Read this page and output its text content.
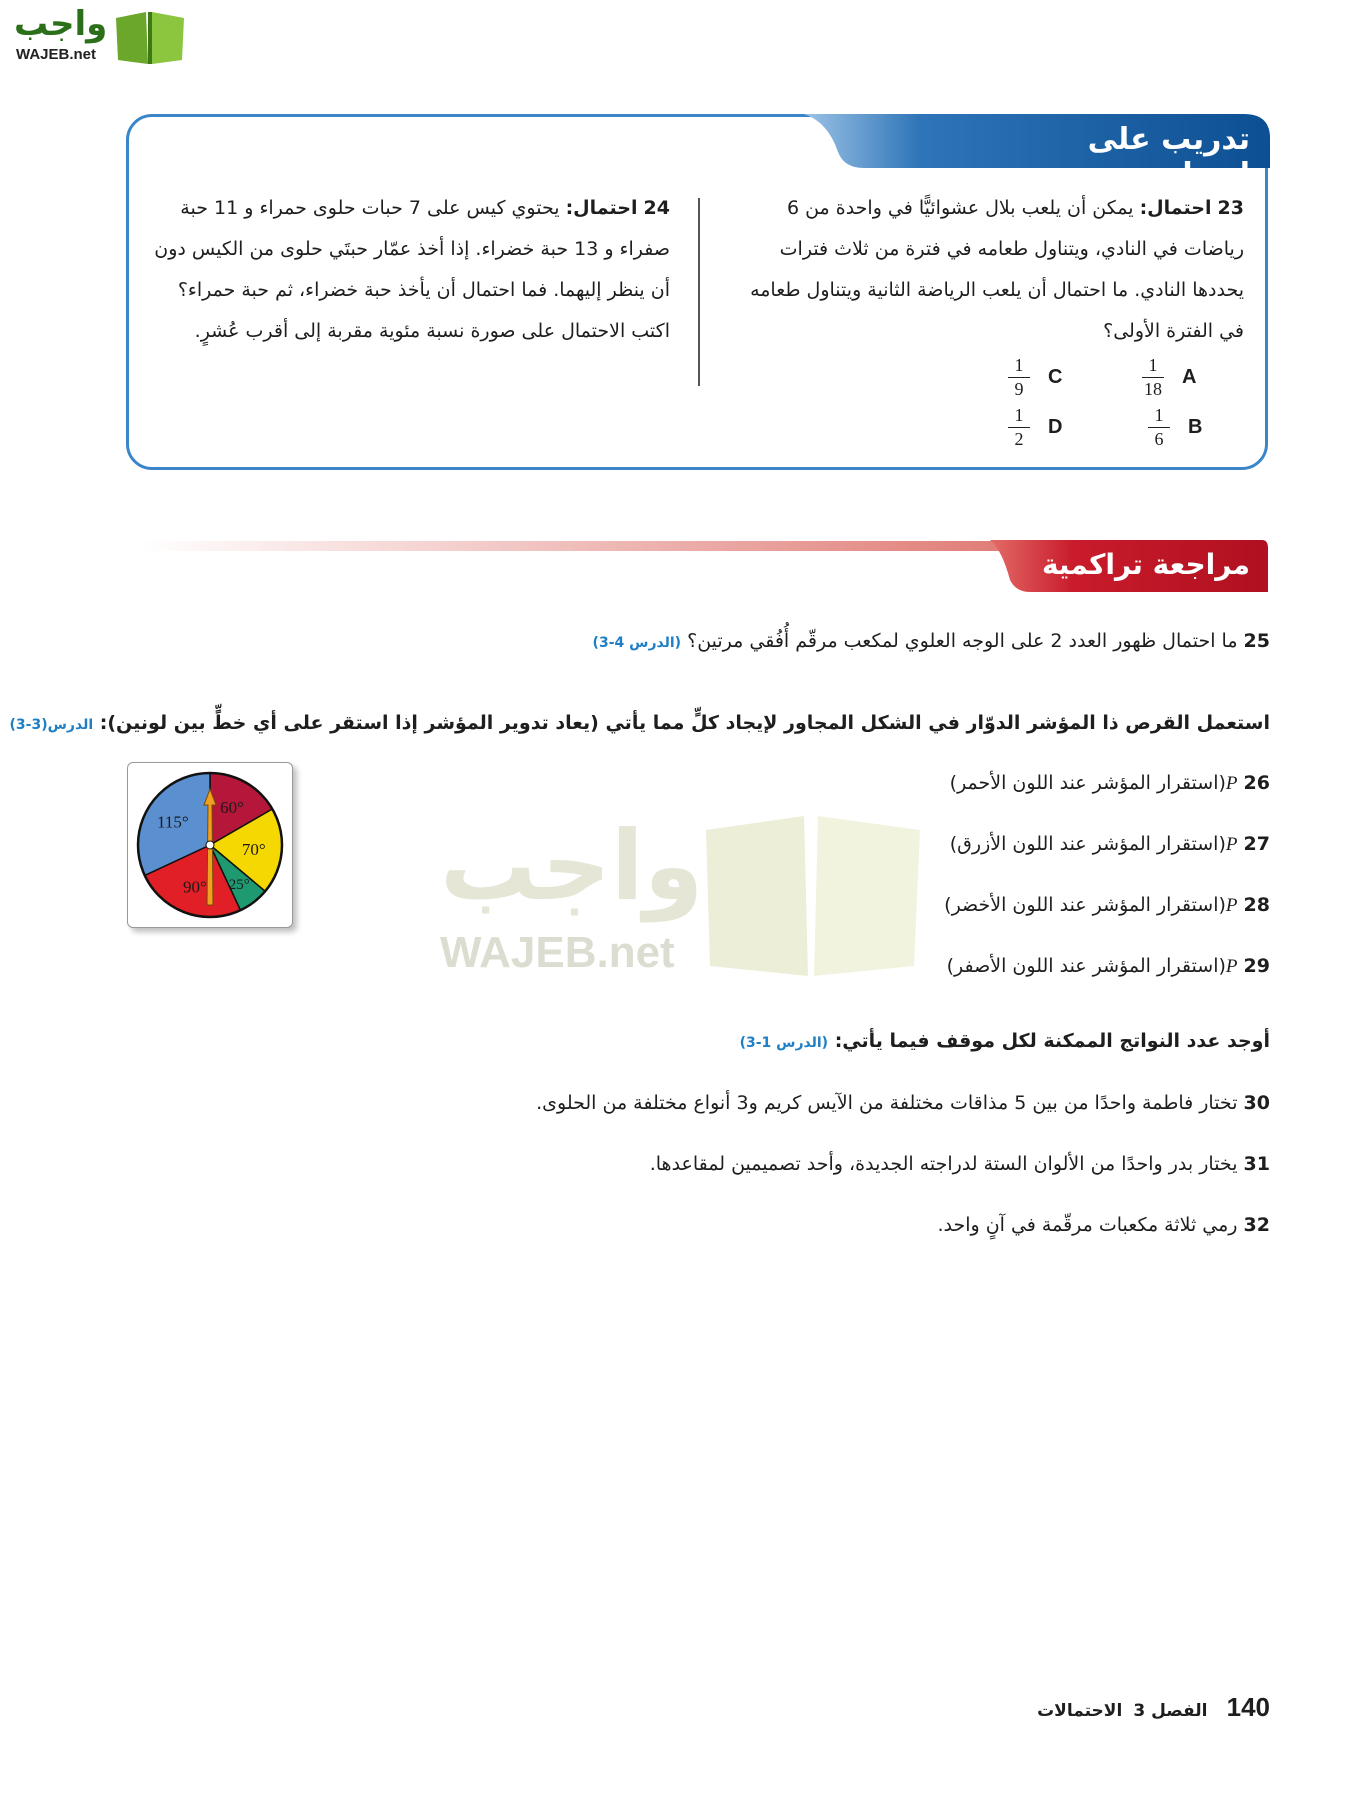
واجب
WAJEB.net
تدريب على اختبار
23 احتمال: يمكن أن يلعب بلال عشوائيًّا في واحدة من 6 رياضات في النادي، ويتناول طعامه في فترة من ثلاث فترات يحددها النادي. ما احتمال أن يلعب الرياضة الثانية ويتناول طعامه في الفترة الأولى؟
$\frac{1}{18}$ A
$\frac{1}{6}$ B
$\frac{1}{9}$ C
$\frac{1}{2}$ D
24 احتمال: يحتوي كيس على 7 حبات حلوى حمراء و 11 حبة صفراء و 13 حبة خضراء. إذا أخذ عمّار حبتَي حلوى من الكيس دون أن ينظر إليهما. فما احتمال أن يأخذ حبة خضراء، ثم حبة حمراء؟ اكتب الاحتمال على صورة نسبة مئوية مقربة إلى أقرب عُشرٍ.
مراجعة تراكمية
25 ما احتمال ظهور العدد 2 على الوجه العلوي لمكعب مرقّم أُفُقي مرتين؟ (الدرس 4-3)
استعمل القرص ذا المؤشر الدوّار في الشكل المجاور لإيجاد كلٍّ مما يأتي (يعاد تدوير المؤشر إذا استقر على أي خطٍّ بين لونين): الدرس(3-3)
26 P(استقرار المؤشر عند اللون الأحمر)
27 P(استقرار المؤشر عند اللون الأزرق)
28 P(استقرار المؤشر عند اللون الأخضر)
29 P(استقرار المؤشر عند اللون الأصفر)
60°
70°
25°
90°
115°	واجب
WAJEB.net
أوجد عدد النواتج الممكنة لكل موقف فيما يأتي: (الدرس 1-3)
30 تختار فاطمة واحدًا من بين 5 مذاقات مختلفة من الآيس كريم و3 أنواع مختلفة من الحلوى.
31 يختار بدر واحدًا من الألوان الستة لدراجته الجديدة، وأحد تصميمين لمقاعدها.
32 رمي ثلاثة مكعبات مرقّمة في آنٍ واحد.
140 الفصل 3 الاحتمالات
